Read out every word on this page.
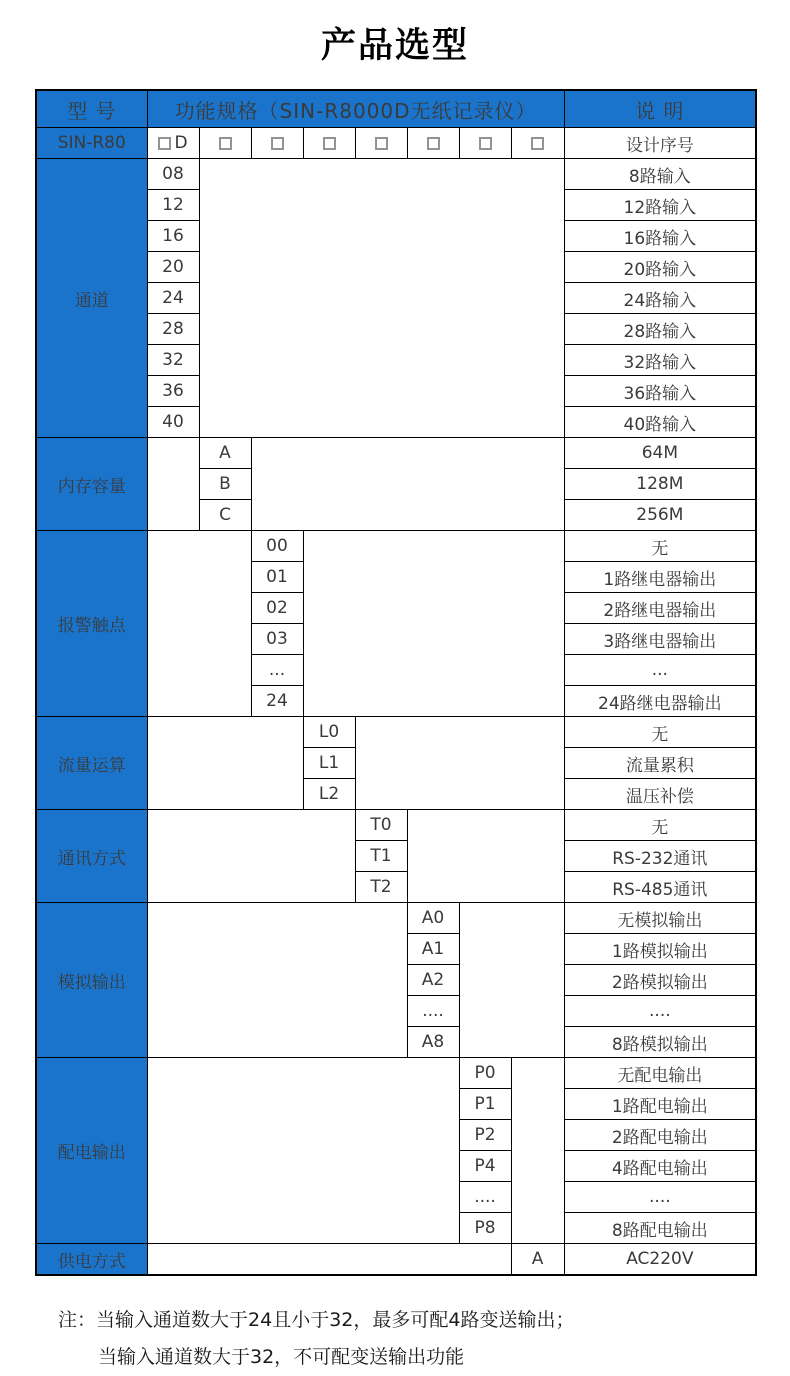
产品选型
型 号	功能规格（SIN-R8000D无纸记录仪）								说 明
SIN-R80	D								设计序号
通道	08								8路输入
	12								12路输入
	16								16路输入
	20								20路输入
	24								24路输入
	28								28路输入
	32								32路输入
	36								36路输入
	40								40路输入
内存容量		A							64M
		B							128M
		C							256M
报警触点			00						无
			01						1路继电器输出
			02						2路继电器输出
			03						3路继电器输出
			...						...
			24						24路继电器输出
流量运算				L0					无
				L1					流量累积
				L2					温压补偿
通讯方式					T0				无
					T1				RS-232通讯
					T2				RS-485通讯
模拟输出						A0			无模拟输出
						A1			1路模拟输出
						A2			2路模拟输出
						....			....
						A8			8路模拟输出
配电输出							P0		无配电输出
							P1		1路配电输出
							P2		2路配电输出
							P4		4路配电输出
							....		....
							P8		8路配电输出
供电方式								A	AC220V
注：当输入通道数大于24且小于32，最多可配4路变送输出；
当输入通道数大于32，不可配变送输出功能
